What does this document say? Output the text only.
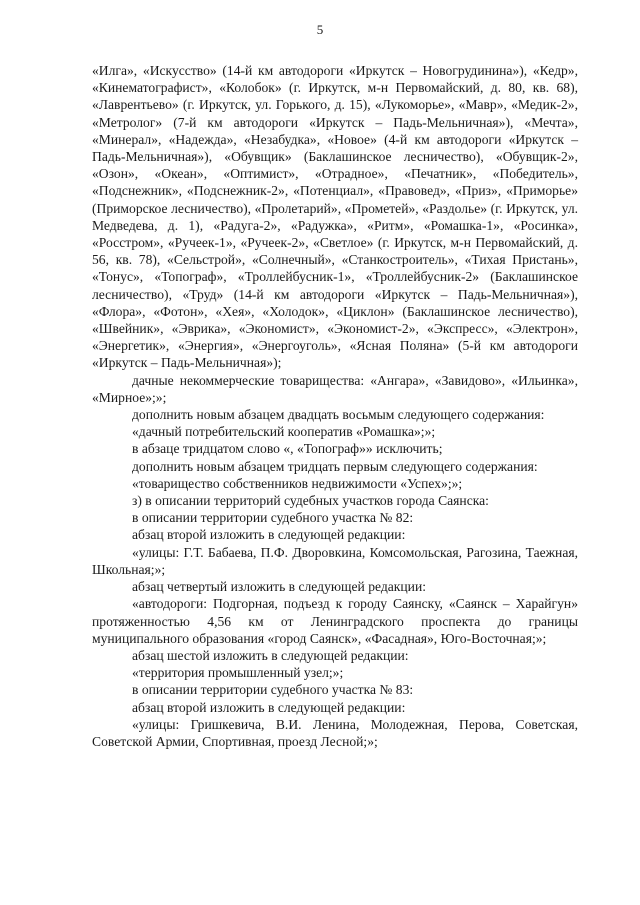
5

«Илга», «Искусство» (14-й км автодороги «Иркутск – Новогрудинина»), «Кедр», «Кинематографист», «Колобок» (г. Иркутск, м-н Первомайский, д. 80, кв. 68), «Лаврентьево» (г. Иркутск, ул. Горького, д. 15), «Лукоморье», «Мавр», «Медик-2», «Метролог» (7-й км автодороги «Иркутск – Падь-Мельничная»), «Мечта», «Минерал», «Надежда», «Незабудка», «Новое» (4-й км автодороги «Иркутск – Падь-Мельничная»), «Обувщик» (Баклашинское лесничество), «Обувщик-2», «Озон», «Океан», «Оптимист», «Отрадное», «Печатник», «Победитель», «Подснежник», «Подснежник-2», «Потенциал», «Правовед», «Приз», «Приморье» (Приморское лесничество), «Пролетарий», «Прометей», «Раздолье» (г. Иркутск, ул. Медведева, д. 1), «Радуга-2», «Радужка», «Ритм», «Ромашка-1», «Росинка», «Росстром», «Ручеек-1», «Ручеек-2», «Светлое» (г. Иркутск, м-н Первомайский, д. 56, кв. 78), «Сельстрой», «Солнечный», «Станкостроитель», «Тихая Пристань», «Тонус», «Топограф», «Троллейбусник-1», «Троллейбусник-2» (Баклашинское лесничество), «Труд» (14-й км автодороги «Иркутск – Падь-Мельничная»), «Флора», «Фотон», «Хея», «Холодок», «Циклон» (Баклашинское лесничество), «Швейник», «Эврика», «Экономист», «Экономист-2», «Экспресс», «Электрон», «Энергетик», «Энергия», «Энергоуголь», «Ясная Поляна» (5-й км автодороги «Иркутск – Падь-Мельничная»);

дачные некоммерческие товарищества: «Ангара», «Завидово», «Ильинка», «Мирное»;»;

дополнить новым абзацем двадцать восьмым следующего содержания:

«дачный потребительский кооператив «Ромашка»;»;

в абзаце тридцатом слово «, «Топограф»» исключить;

дополнить новым абзацем тридцать первым следующего содержания:

«товарищество собственников недвижимости «Успех»;»;

з) в описании территорий судебных участков города Саянска:

в описании территории судебного участка № 82:

абзац второй изложить в следующей редакции:

«улицы: Г.Т. Бабаева, П.Ф. Дворовкина, Комсомольская, Рагозина, Таежная, Школьная;»;

абзац четвертый изложить в следующей редакции:

«автодороги: Подгорная, подъезд к городу Саянску, «Саянск – Харайгун» протяженностью 4,56 км от Ленинградского проспекта до границы муниципального образования «город Саянск», «Фасадная», Юго-Восточная;»;

абзац шестой изложить в следующей редакции:

«территория промышленный узел;»;

в описании территории судебного участка № 83:

абзац второй изложить в следующей редакции:

«улицы: Гришкевича, В.И. Ленина, Молодежная, Перова, Советская, Советской Армии, Спортивная, проезд Лесной;»;
